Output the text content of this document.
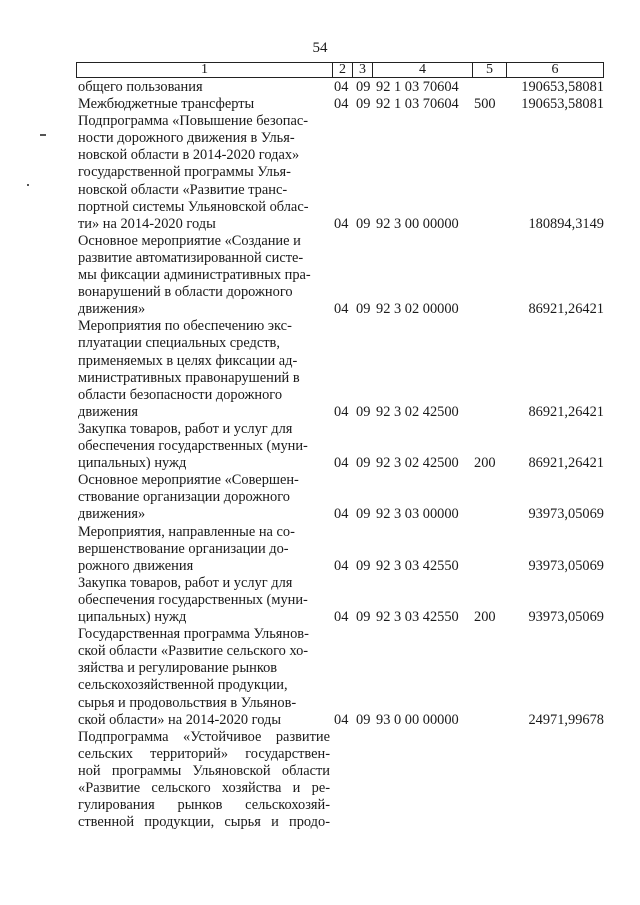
54
1	2 3	4	5	6
общего пользования	04 09 92 1 03 70604	190653,58081
Межбюджетные трансферты	04 09 92 1 03 70604 500 190653,58081
Подпрограмма «Повышение безопас-
ности дорожного движения в Улья-
новской области в 2014-2020 годах»
государственной программы Улья-
новской области «Развитие транс-
портной системы Ульяновской облас-
ти» на 2014-2020 годы	04 09 92 3 00 00000	180894,3149
Основное мероприятие «Создание и
развитие автоматизированной систе-
мы фиксации административных пра-
вонарушений в области дорожного
движения»	04 09 92 3 02 00000	86921,26421
Мероприятия по обеспечению экс-
плуатации специальных средств,
применяемых в целях фиксации ад-
министративных правонарушений в
области безопасности дорожного
движения	04 09 92 3 02 42500	86921,26421
Закупка товаров, работ и услуг для
обеспечения государственных (муни-
ципальных) нужд	04 09 92 3 02 42500 200 86921,26421
Основное мероприятие «Совершен-
ствование организации дорожного
движения»	04 09 92 3 03 00000	93973,05069
Мероприятия, направленные на со-
вершенствование организации до-
рожного движения	04 09 92 3 03 42550	93973,05069
Закупка товаров, работ и услуг для
обеспечения государственных (муни-
ципальных) нужд	04 09 92 3 03 42550 200 93973,05069
Государственная программа Ульянов-
ской области «Развитие сельского хо-
зяйства и регулирование рынков
сельскохозяйственной продукции,
сырья и продовольствия в Ульянов-
ской области» на 2014-2020 годы	04 09 93 0 00 00000	24971,99678
Подпрограмма «Устойчивое развитие
сельских территорий» государствен-
ной программы Ульяновской области
«Развитие сельского хозяйства и ре-
гулирования рынков сельскохозяй-
ственной продукции, сырья и продо-
